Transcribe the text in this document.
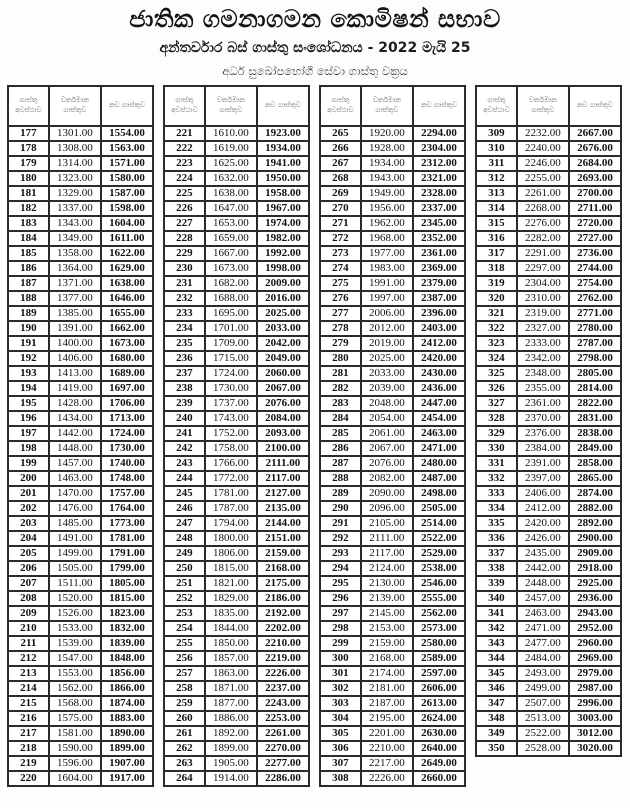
ජාතික ගමනාගමන කොමිෂන් සභාව
අන්තර්වාර බස් ගාස්තු සංශෝධනය - 2022 මැයි 25
අර්ධ සුඛෝපභෝගී සේවා ගාස්තු වක්‍රය
ගාස්තු අවස්ථාව	වර්තමාන ගාස්තුව	නව ගාස්තුව
177	1301.00	1554.00
178	1308.00	1563.00
179	1314.00	1571.00
180	1323.00	1580.00
181	1329.00	1587.00
182	1337.00	1598.00
183	1343.00	1604.00
184	1349.00	1611.00
185	1358.00	1622.00
186	1364.00	1629.00
187	1371.00	1638.00
188	1377.00	1646.00
189	1385.00	1655.00
190	1391.00	1662.00
191	1400.00	1673.00
192	1406.00	1680.00
193	1413.00	1689.00
194	1419.00	1697.00
195	1428.00	1706.00
196	1434.00	1713.00
197	1442.00	1724.00
198	1448.00	1730.00
199	1457.00	1740.00
200	1463.00	1748.00
201	1470.00	1757.00
202	1476.00	1764.00
203	1485.00	1773.00
204	1491.00	1781.00
205	1499.00	1791.00
206	1505.00	1799.00
207	1511.00	1805.00
208	1520.00	1815.00
209	1526.00	1823.00
210	1533.00	1832.00
211	1539.00	1839.00
212	1547.00	1848.00
213	1553.00	1856.00
214	1562.00	1866.00
215	1568.00	1874.00
216	1575.00	1883.00
217	1581.00	1890.00
218	1590.00	1899.00
219	1596.00	1907.00
220	1604.00	1917.00
ගාස්තු අවස්ථාව	වර්තමාන ගාස්තුව	නව ගාස්තුව
221	1610.00	1923.00
222	1619.00	1934.00
223	1625.00	1941.00
224	1632.00	1950.00
225	1638.00	1958.00
226	1647.00	1967.00
227	1653.00	1974.00
228	1659.00	1982.00
229	1667.00	1992.00
230	1673.00	1998.00
231	1682.00	2009.00
232	1688.00	2016.00
233	1695.00	2025.00
234	1701.00	2033.00
235	1709.00	2042.00
236	1715.00	2049.00
237	1724.00	2060.00
238	1730.00	2067.00
239	1737.00	2076.00
240	1743.00	2084.00
241	1752.00	2093.00
242	1758.00	2100.00
243	1766.00	2111.00
244	1772.00	2117.00
245	1781.00	2127.00
246	1787.00	2135.00
247	1794.00	2144.00
248	1800.00	2151.00
249	1806.00	2159.00
250	1815.00	2168.00
251	1821.00	2175.00
252	1829.00	2186.00
253	1835.00	2192.00
254	1844.00	2202.00
255	1850.00	2210.00
256	1857.00	2219.00
257	1863.00	2226.00
258	1871.00	2237.00
259	1877.00	2243.00
260	1886.00	2253.00
261	1892.00	2261.00
262	1899.00	2270.00
263	1905.00	2277.00
264	1914.00	2286.00
ගාස්තු අවස්ථාව	වර්තමාන ගාස්තුව	නව ගාස්තුව
265	1920.00	2294.00
266	1928.00	2304.00
267	1934.00	2312.00
268	1943.00	2321.00
269	1949.00	2328.00
270	1956.00	2337.00
271	1962.00	2345.00
272	1968.00	2352.00
273	1977.00	2361.00
274	1983.00	2369.00
275	1991.00	2379.00
276	1997.00	2387.00
277	2006.00	2396.00
278	2012.00	2403.00
279	2019.00	2412.00
280	2025.00	2420.00
281	2033.00	2430.00
282	2039.00	2436.00
283	2048.00	2447.00
284	2054.00	2454.00
285	2061.00	2463.00
286	2067.00	2471.00
287	2076.00	2480.00
288	2082.00	2487.00
289	2090.00	2498.00
290	2096.00	2505.00
291	2105.00	2514.00
292	2111.00	2522.00
293	2117.00	2529.00
294	2124.00	2538.00
295	2130.00	2546.00
296	2139.00	2555.00
297	2145.00	2562.00
298	2153.00	2573.00
299	2159.00	2580.00
300	2168.00	2589.00
301	2174.00	2597.00
302	2181.00	2606.00
303	2187.00	2613.00
304	2195.00	2624.00
305	2201.00	2630.00
306	2210.00	2640.00
307	2217.00	2649.00
308	2226.00	2660.00
ගාස්තු අවස්ථාව	වර්තමාන ගාස්තුව	නව ගාස්තුව
309	2232.00	2667.00
310	2240.00	2676.00
311	2246.00	2684.00
312	2255.00	2693.00
313	2261.00	2700.00
314	2268.00	2711.00
315	2276.00	2720.00
316	2282.00	2727.00
317	2291.00	2736.00
318	2297.00	2744.00
319	2304.00	2754.00
320	2310.00	2762.00
321	2319.00	2771.00
322	2327.00	2780.00
323	2333.00	2787.00
324	2342.00	2798.00
325	2348.00	2805.00
326	2355.00	2814.00
327	2361.00	2822.00
328	2370.00	2831.00
329	2376.00	2838.00
330	2384.00	2849.00
331	2391.00	2858.00
332	2397.00	2865.00
333	2406.00	2874.00
334	2412.00	2882.00
335	2420.00	2892.00
336	2426.00	2900.00
337	2435.00	2909.00
338	2442.00	2918.00
339	2448.00	2925.00
340	2457.00	2936.00
341	2463.00	2943.00
342	2471.00	2952.00
343	2477.00	2960.00
344	2484.00	2969.00
345	2493.00	2979.00
346	2499.00	2987.00
347	2507.00	2996.00
348	2513.00	3003.00
349	2522.00	3012.00
350	2528.00	3020.00
